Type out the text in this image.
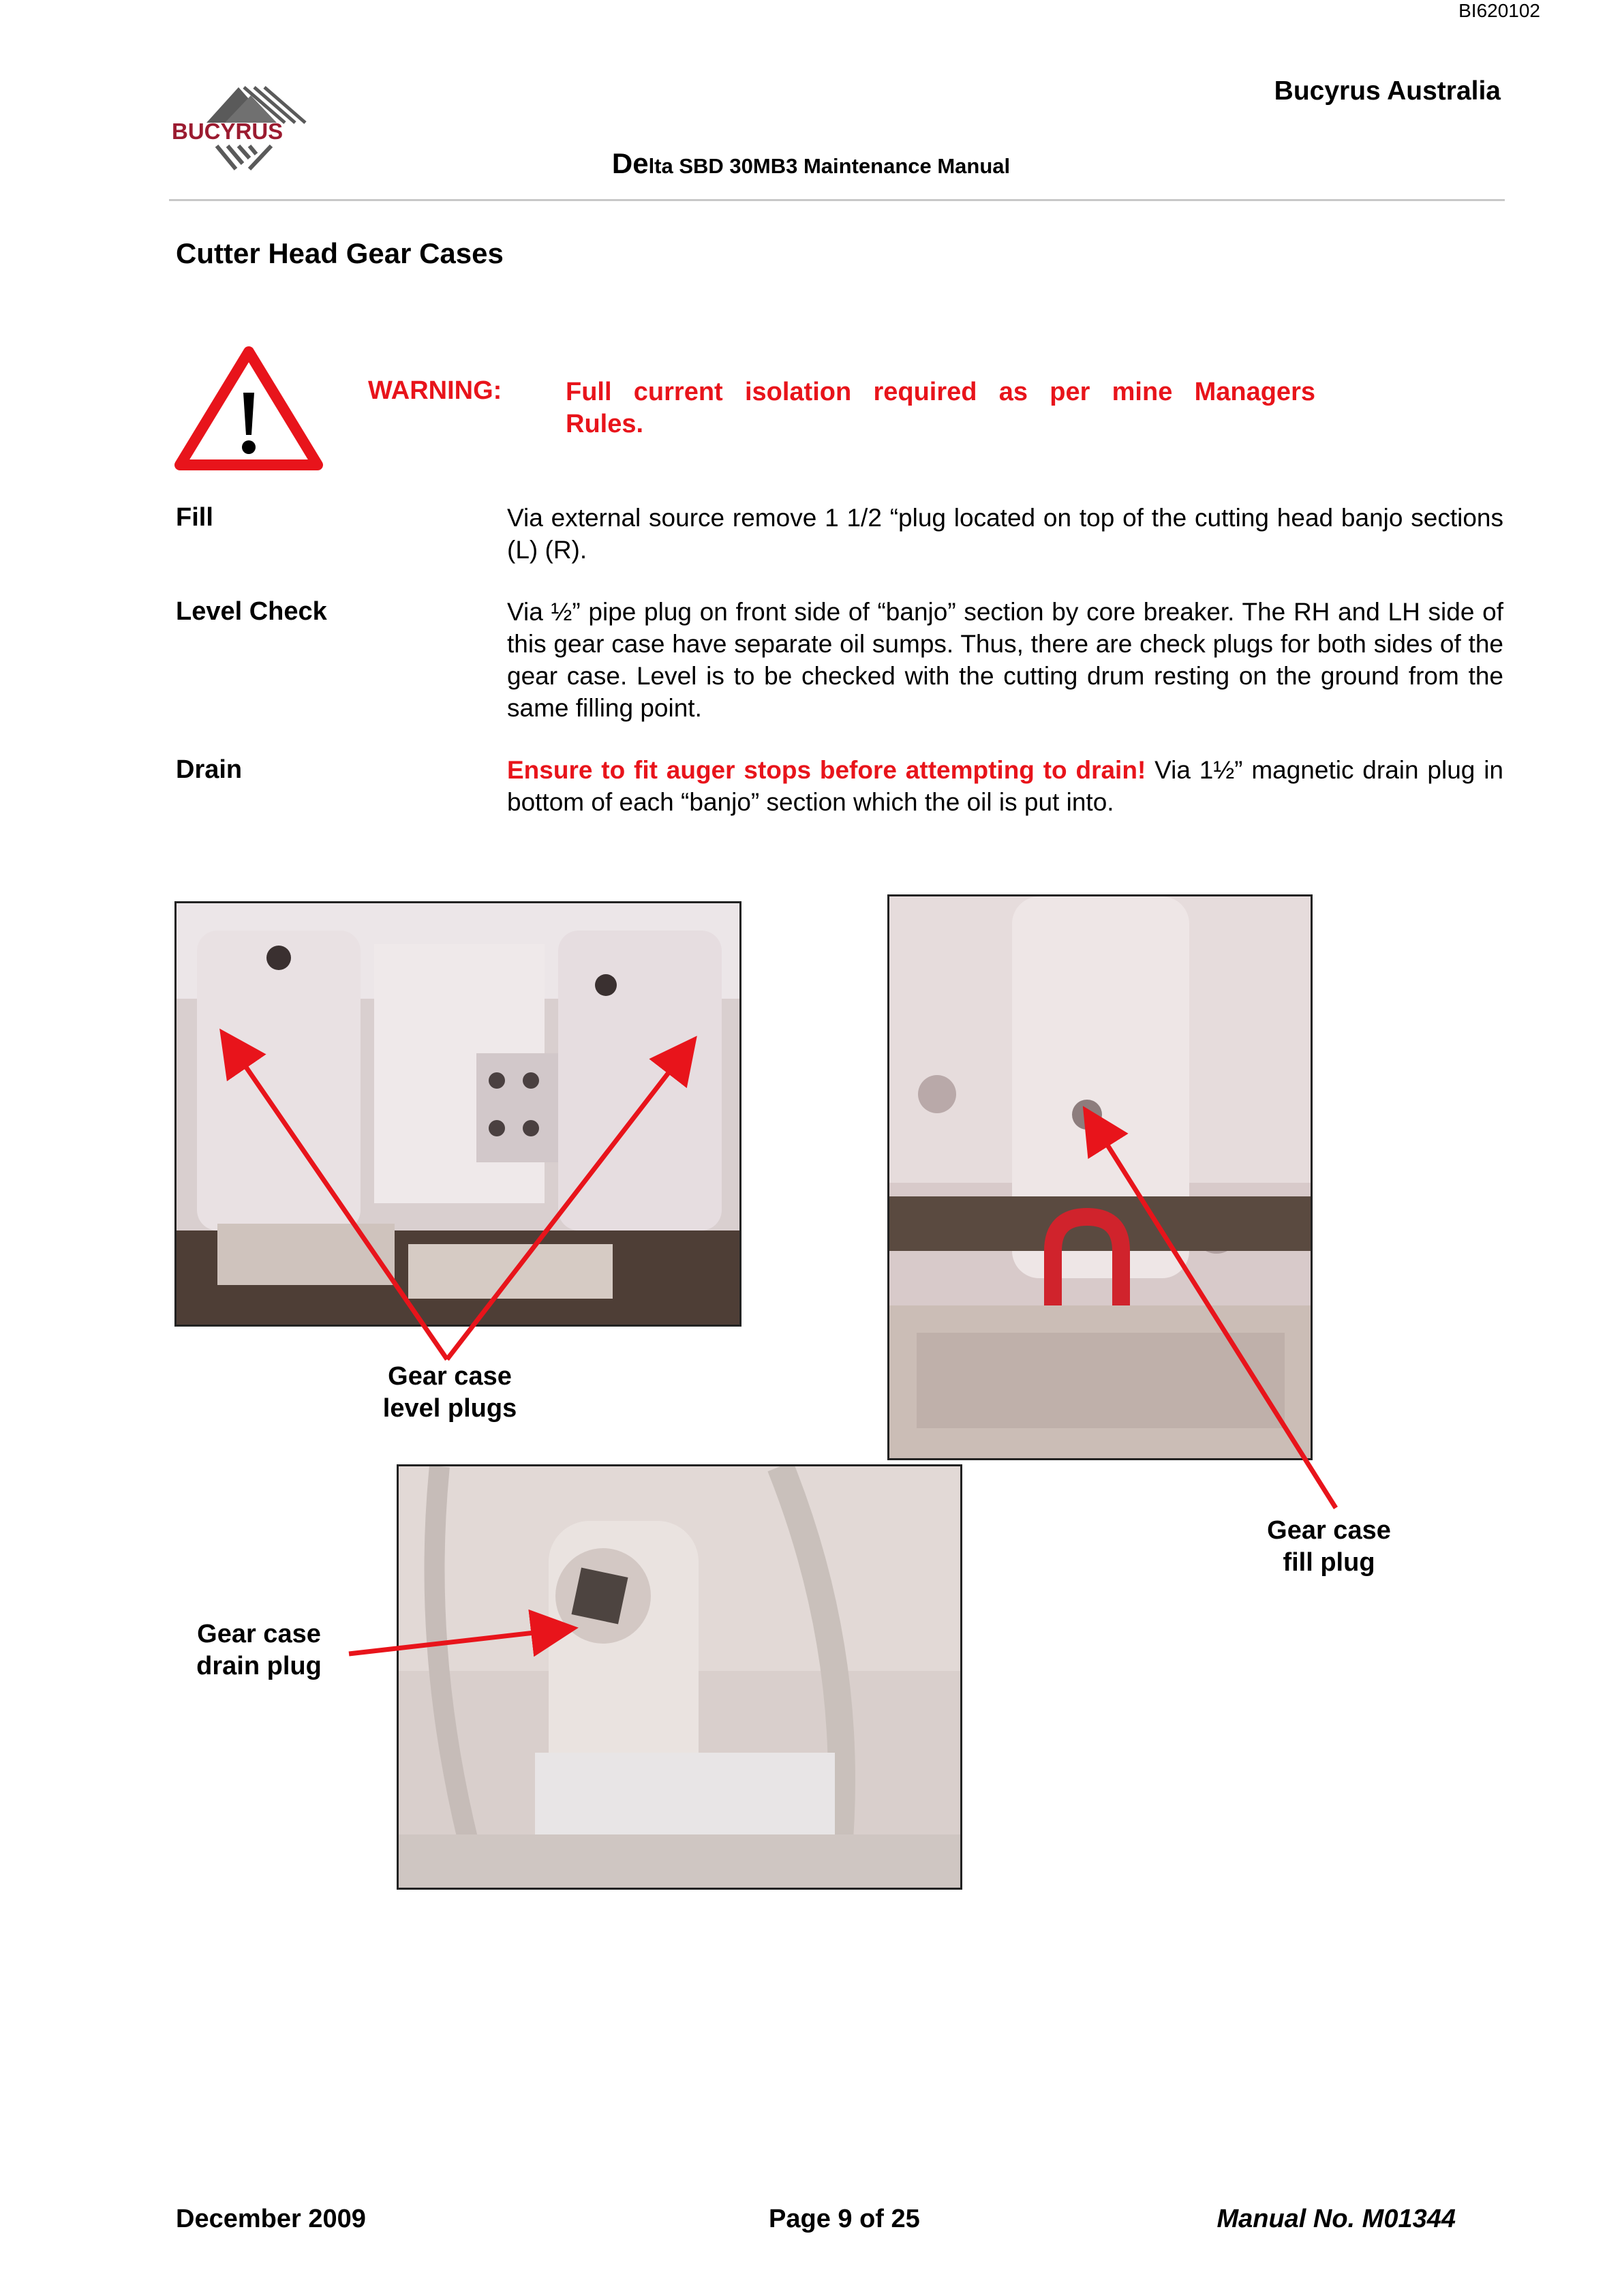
BI620102
Bucyrus Australia
BUCYRUS
Delta SBD 30MB3 Maintenance Manual
Cutter Head Gear Cases
WARNING: Full current isolation required as per mine Managers Rules.
Fill	Via external source remove 1 1/2 “plug located on top of the cutting head banjo sections (L) (R).
Level Check	Via ½” pipe plug on front side of “banjo” section by core breaker. The RH and LH side of this gear case have separate oil sumps. Thus, there are check plugs for both sides of the gear case. Level is to be checked with the cutting drum resting on the ground from the same filling point.
Drain	Ensure to fit auger stops before attempting to drain! Via 1½” magnetic drain plug in bottom of each “banjo” section which the oil is put into.
Gear case
level plugs
Gear case
fill plug
Gear case
drain plug
December 2009	Page 9 of 25	Manual No. M01344
